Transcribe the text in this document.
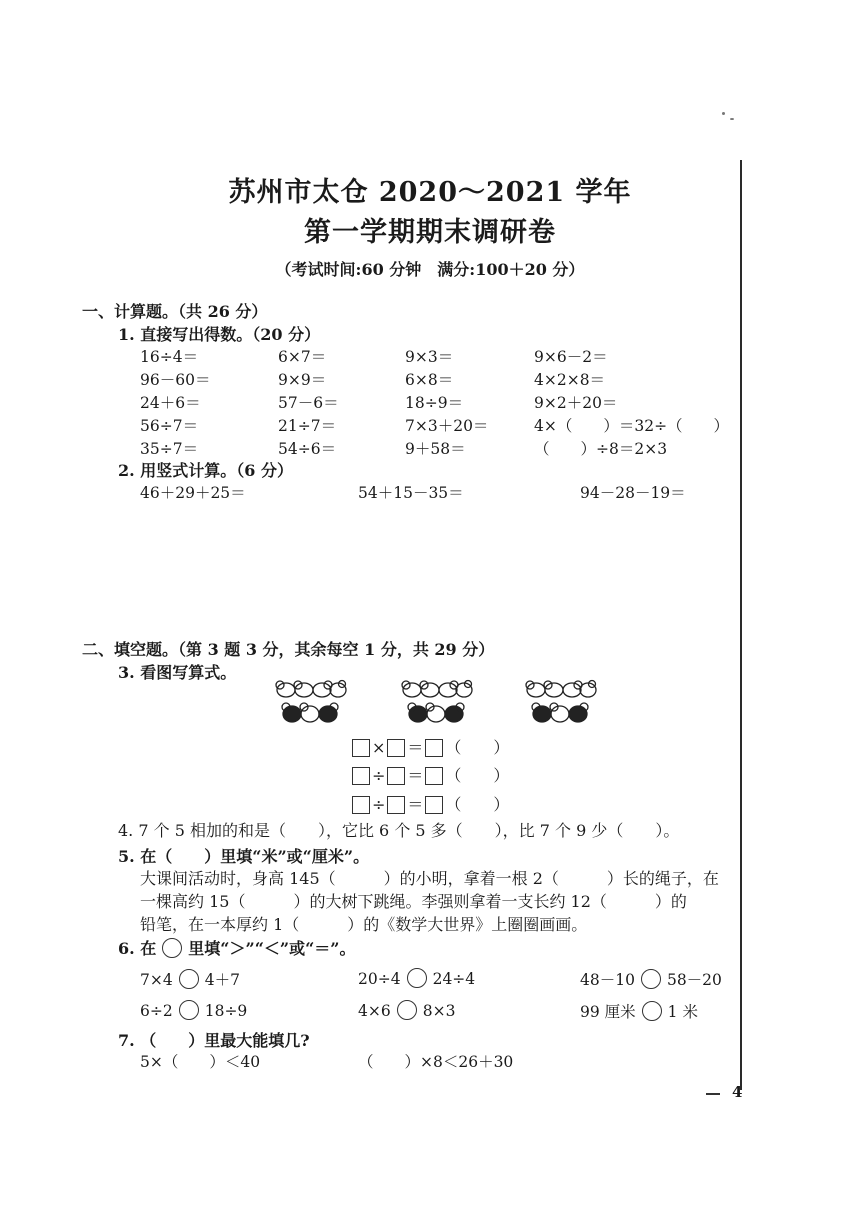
苏州市太仓 2020～2021 学年
第一学期期末调研卷
（考试时间:60 分钟　满分:100＋20 分）
一、计算题。（共 26 分）
1. 直接写出得数。（20 分）
16÷4＝	6×7＝	9×3＝	9×6－2＝
96－60＝	9×9＝	6×8＝	4×2×8＝
24＋6＝	57－6＝	18÷9＝	9×2＋20＝
56÷7＝	21÷7＝	7×3＋20＝	4×（　　）＝32÷（　　）
35÷7＝	54÷6＝	9＋58＝	（　　）÷8＝2×3
2. 用竖式计算。（6 分）
46＋29＋25＝	54＋15－35＝	94－28－19＝
二、填空题。（第 3 题 3 分，其余每空 1 分，共 29 分）
3. 看图写算式。
× ＝ （　　）
÷ ＝ （　　）
÷ ＝ （　　）
4. 7 个 5 相加的和是（　　），它比 6 个 5 多（　　），比 7 个 9 少（　　）。
5. 在（　　）里填“米”或“厘米”。
大课间活动时，身高 145（　　　）的小明，拿着一根 2（　　　）长的绳子，在
一棵高约 15（　　　）的大树下跳绳。李强则拿着一支长约 12（　　　）的
铅笔，在一本厚约 1（　　　）的《数学大世界》上圈圈画画。
6. 在 里填“＞”“＜”或“＝”。
7×4 4＋7	20÷4 24÷4	48－10 58－20
6÷2 18÷9	4×6 8×3	99 厘米 1 米
7. （　　）里最大能填几?
5×（　　）＜40	（　　）×8＜26＋30
4
